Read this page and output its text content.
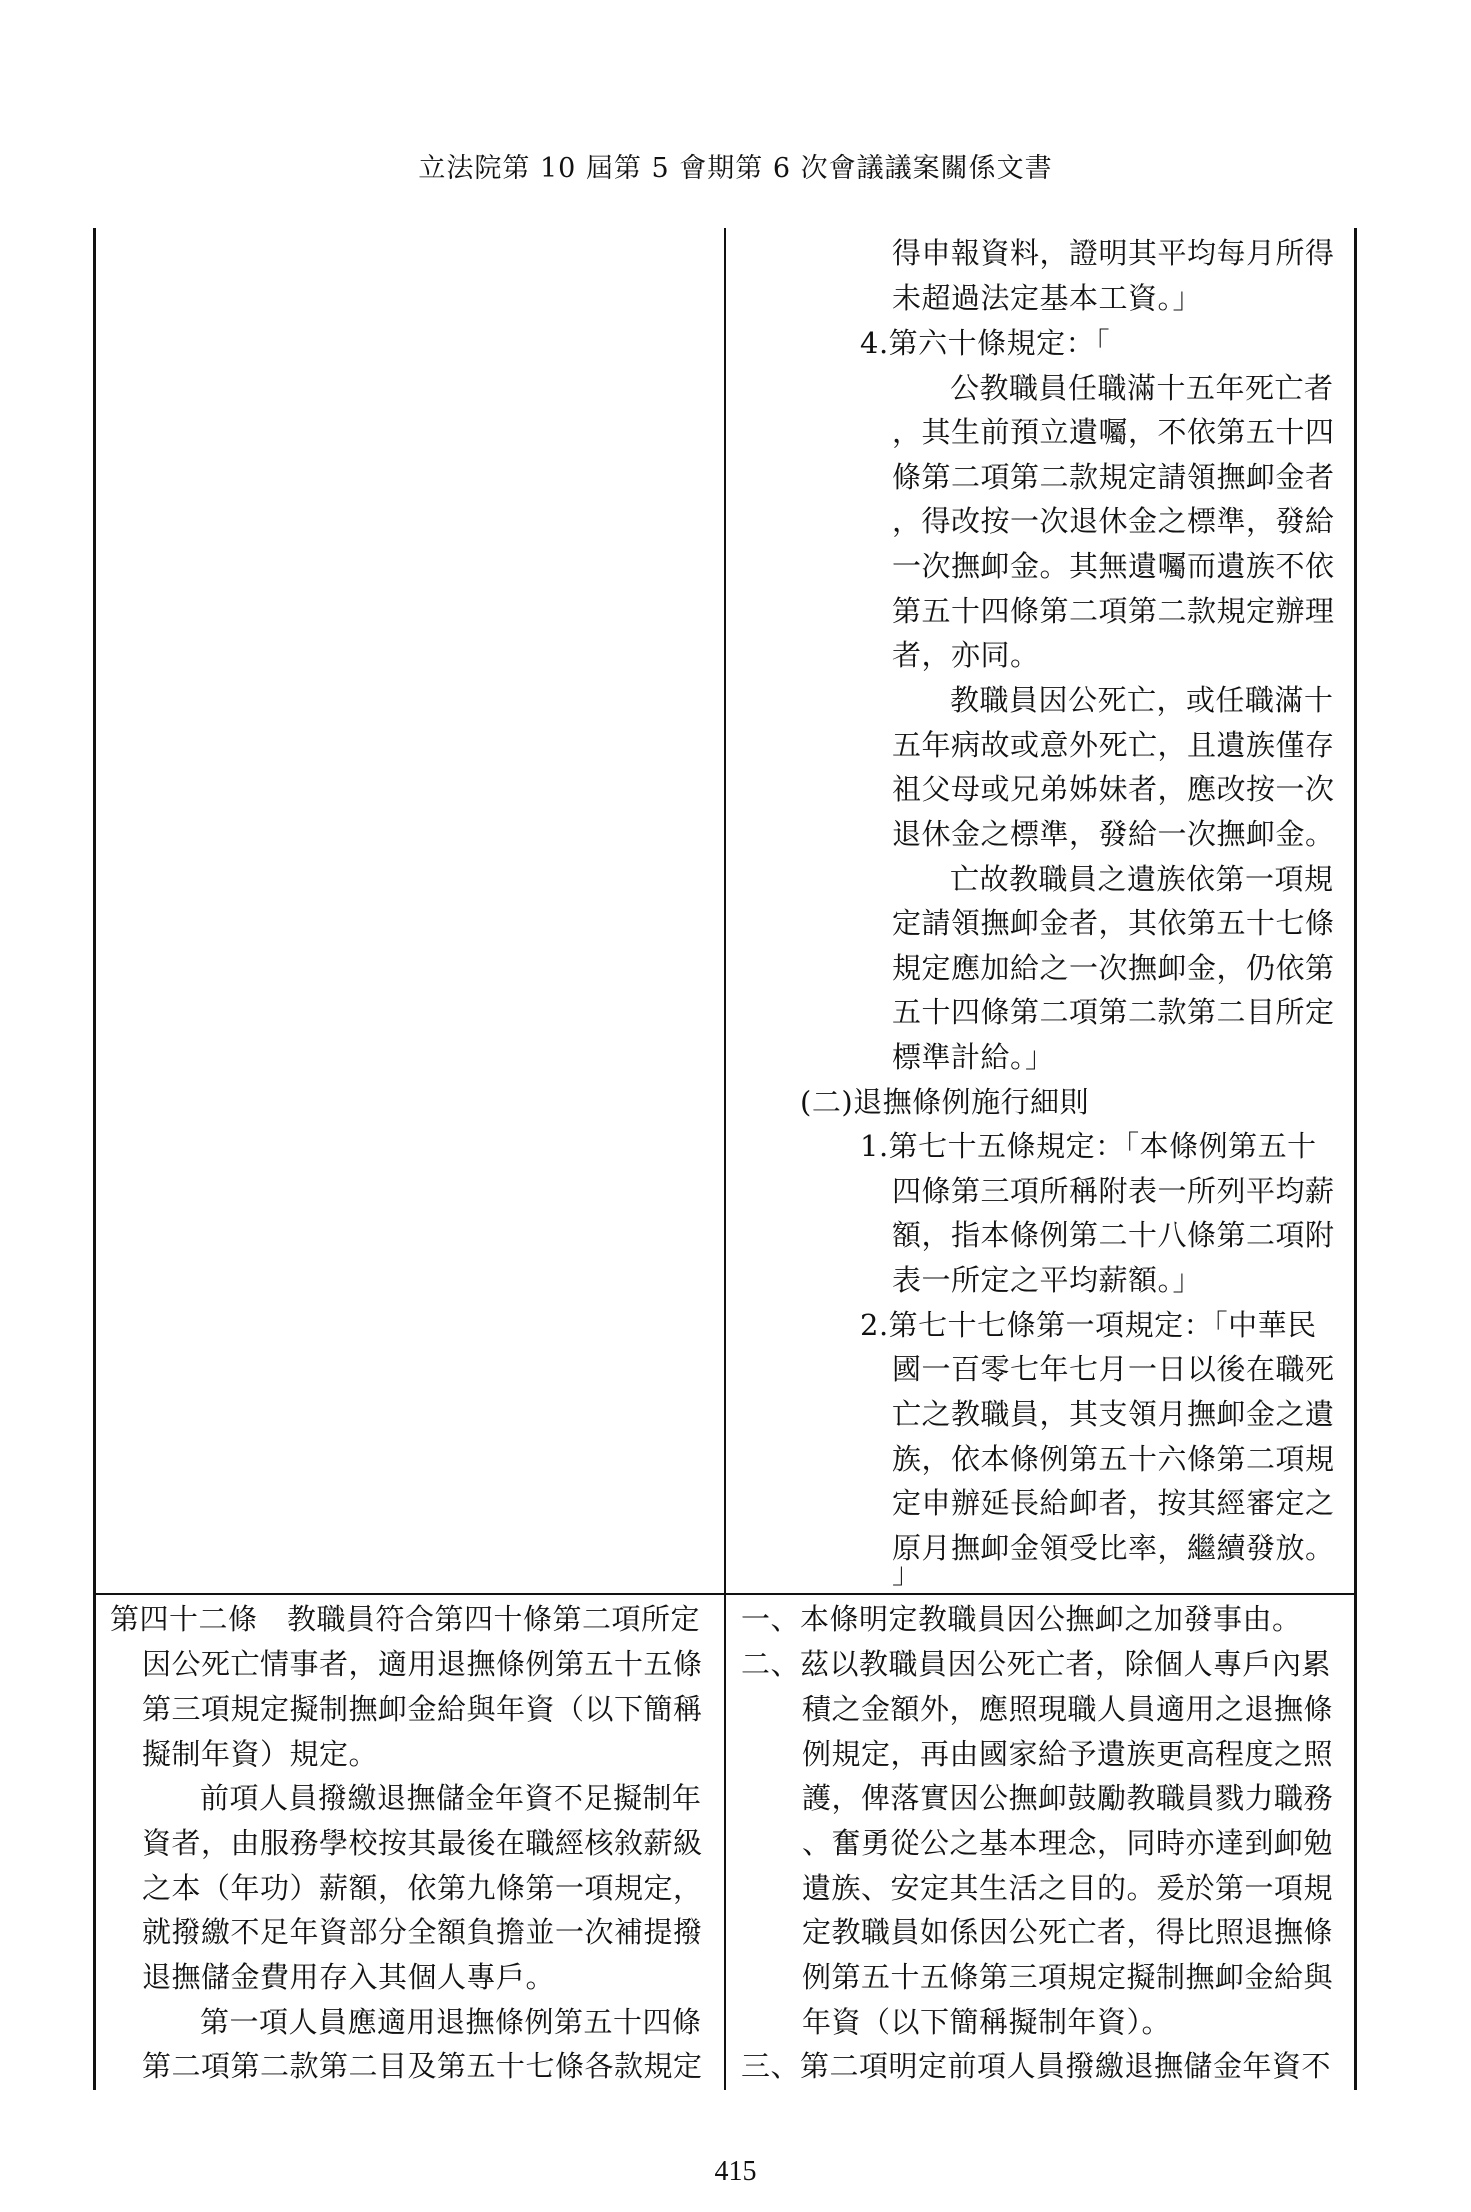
立法院第 10 屆第 5 會期第 6 次會議議案關係文書
得申報資料，證明其平均每月所得
未超過法定基本工資。」
4.第六十條規定：「
公教職員任職滿十五年死亡者
，其生前預立遺囑，不依第五十四
條第二項第二款規定請領撫卹金者
，得改按一次退休金之標準，發給
一次撫卹金。其無遺囑而遺族不依
第五十四條第二項第二款規定辦理
者，亦同。
教職員因公死亡，或任職滿十
五年病故或意外死亡，且遺族僅存
祖父母或兄弟姊妹者，應改按一次
退休金之標準，發給一次撫卹金。
亡故教職員之遺族依第一項規
定請領撫卹金者，其依第五十七條
規定應加給之一次撫卹金，仍依第
五十四條第二項第二款第二目所定
標準計給。」
(二)退撫條例施行細則
1.第七十五條規定：「本條例第五十
四條第三項所稱附表一所列平均薪
額，指本條例第二十八條第二項附
表一所定之平均薪額。」
2.第七十七條第一項規定：「中華民
國一百零七年七月一日以後在職死
亡之教職員，其支領月撫卹金之遺
族，依本條例第五十六條第二項規
定申辦延長給卹者，按其經審定之
原月撫卹金領受比率，繼續發放。
」
第四十二條　教職員符合第四十條第二項所定
因公死亡情事者，適用退撫條例第五十五條
第三項規定擬制撫卹金給與年資（以下簡稱
擬制年資）規定。
前項人員撥繳退撫儲金年資不足擬制年
資者，由服務學校按其最後在職經核敘薪級
之本（年功）薪額，依第九條第一項規定，
就撥繳不足年資部分全額負擔並一次補提撥
退撫儲金費用存入其個人專戶。
第一項人員應適用退撫條例第五十四條
第二項第二款第二目及第五十七條各款規定
一、本條明定教職員因公撫卹之加發事由。
二、茲以教職員因公死亡者，除個人專戶內累
積之金額外，應照現職人員適用之退撫條
例規定，再由國家給予遺族更高程度之照
護，俾落實因公撫卹鼓勵教職員戮力職務
、奮勇從公之基本理念，同時亦達到卹勉
遺族、安定其生活之目的。爰於第一項規
定教職員如係因公死亡者，得比照退撫條
例第五十五條第三項規定擬制撫卹金給與
年資（以下簡稱擬制年資）。
三、第二項明定前項人員撥繳退撫儲金年資不
415
